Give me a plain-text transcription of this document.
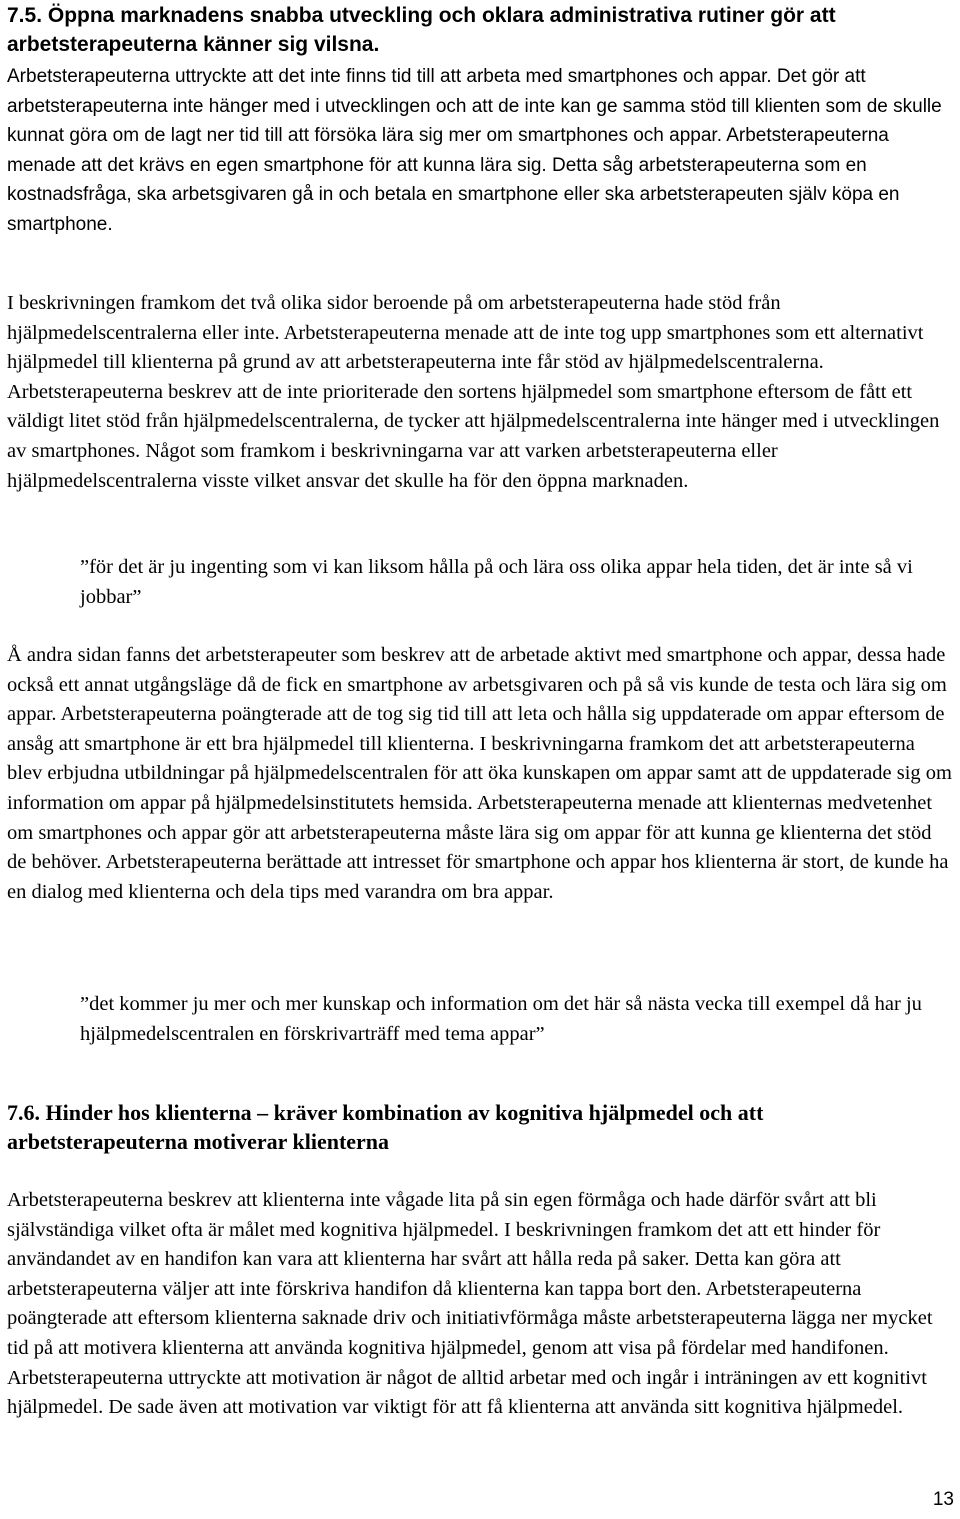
7.5. Öppna marknadens snabba utveckling och oklara administrativa rutiner gör att arbetsterapeuterna känner sig vilsna.

Arbetsterapeuterna uttryckte att det inte finns tid till att arbeta med smartphones och appar. Det gör att arbetsterapeuterna inte hänger med i utvecklingen och att de inte kan ge samma stöd till klienten som de skulle kunnat göra om de lagt ner tid till att försöka lära sig mer om smartphones och appar. Arbetsterapeuterna menade att det krävs en egen smartphone för att kunna lära sig. Detta såg arbetsterapeuterna som en kostnadsfråga, ska arbetsgivaren gå in och betala en smartphone eller ska arbetsterapeuten själv köpa en smartphone.

I beskrivningen framkom det två olika sidor beroende på om arbetsterapeuterna hade stöd från hjälpmedelscentralerna eller inte. Arbetsterapeuterna menade att de inte tog upp smartphones som ett alternativt hjälpmedel till klienterna på grund av att arbetsterapeuterna inte får stöd av hjälpmedelscentralerna. Arbetsterapeuterna beskrev att de inte prioriterade den sortens hjälpmedel som smartphone eftersom de fått ett väldigt litet stöd från hjälpmedelscentralerna, de tycker att hjälpmedelscentralerna inte hänger med i utvecklingen av smartphones. Något som framkom i beskrivningarna var att varken arbetsterapeuterna eller hjälpmedelscentralerna visste vilket ansvar det skulle ha för den öppna marknaden.

”för det är ju ingenting som vi kan liksom hålla på och lära oss olika appar hela tiden, det är inte så vi jobbar”

Å andra sidan fanns det arbetsterapeuter som beskrev att de arbetade aktivt med smartphone och appar, dessa hade också ett annat utgångsläge då de fick en smartphone av arbetsgivaren och på så vis kunde de testa och lära sig om appar. Arbetsterapeuterna poängterade att de tog sig tid till att leta och hålla sig uppdaterade om appar eftersom de ansåg att smartphone är ett bra hjälpmedel till klienterna. I beskrivningarna framkom det att arbetsterapeuterna blev erbjudna utbildningar på hjälpmedelscentralen för att öka kunskapen om appar samt att de uppdaterade sig om information om appar på hjälpmedelsinstitutets hemsida. Arbetsterapeuterna menade att klienternas medvetenhet om smartphones och appar gör att arbetsterapeuterna måste lära sig om appar för att kunna ge klienterna det stöd de behöver. Arbetsterapeuterna berättade att intresset för smartphone och appar hos klienterna är stort, de kunde ha en dialog med klienterna och dela tips med varandra om bra appar.

”det kommer ju mer och mer kunskap och information om det här så nästa vecka till exempel då har ju hjälpmedelscentralen en förskrivarträff med tema appar”

7.6. Hinder hos klienterna – kräver kombination av kognitiva hjälpmedel och att arbetsterapeuterna motiverar klienterna

Arbetsterapeuterna beskrev att klienterna inte vågade lita på sin egen förmåga och hade därför svårt att bli självständiga vilket ofta är målet med kognitiva hjälpmedel. I beskrivningen framkom det att ett hinder för användandet av en handifon kan vara att klienterna har svårt att hålla reda på saker. Detta kan göra att arbetsterapeuterna väljer att inte förskriva handifon då klienterna kan tappa bort den. Arbetsterapeuterna poängterade att eftersom klienterna saknade driv och initiativförmåga måste arbetsterapeuterna lägga ner mycket tid på att motivera klienterna att använda kognitiva hjälpmedel, genom att visa på fördelar med handifonen. Arbetsterapeuterna uttryckte att motivation är något de alltid arbetar med och ingår i inträningen av ett kognitivt hjälpmedel. De sade även att motivation var viktigt för att få klienterna att använda sitt kognitiva hjälpmedel.

13
